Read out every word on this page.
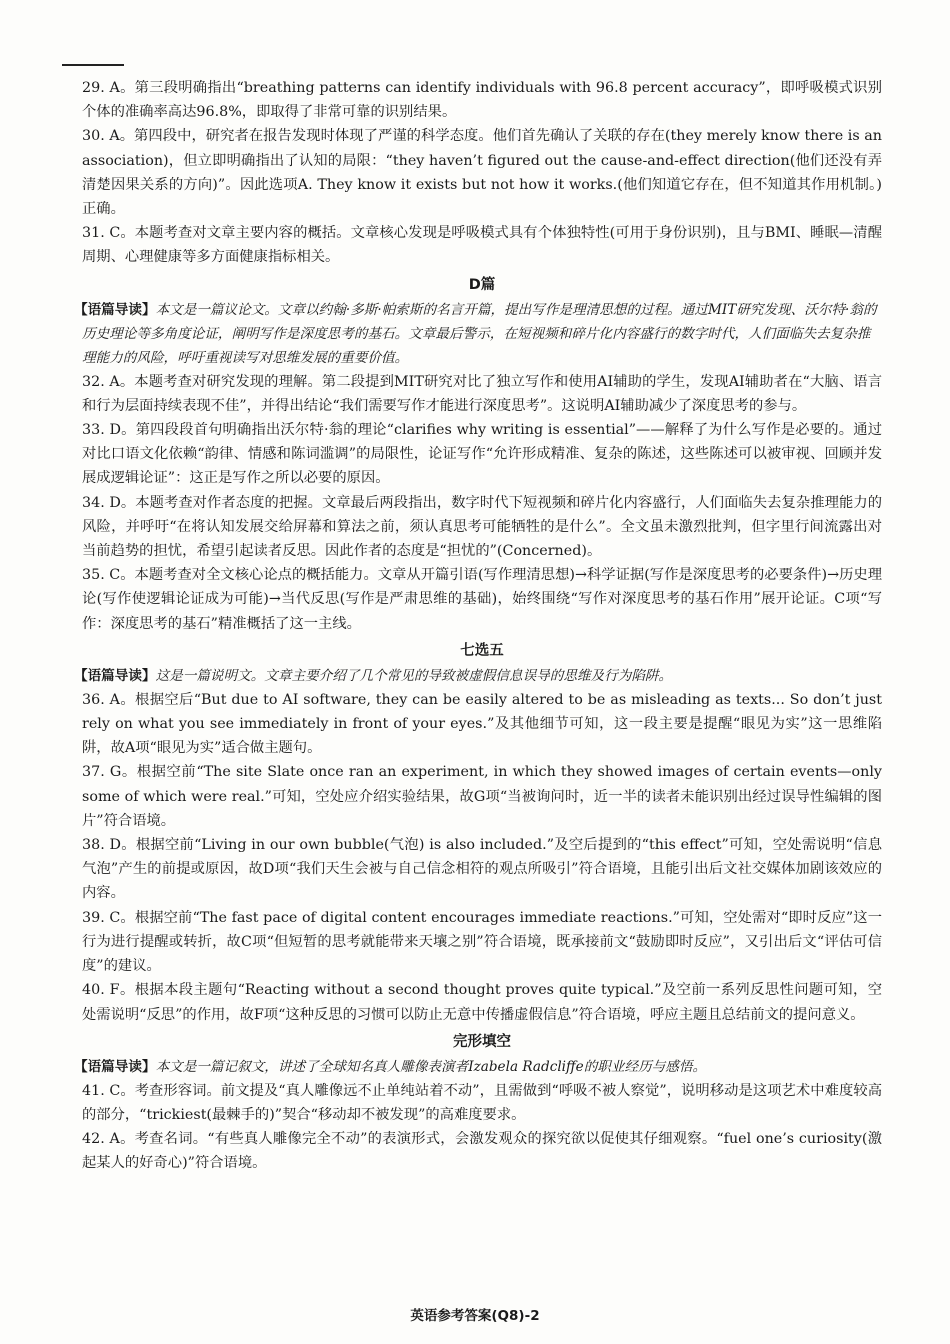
29. A。第三段明确指出“breathing patterns can identify individuals with 96.8 percent accuracy”，即呼吸模式识别个体的准确率高达96.8%，即取得了非常可靠的识别结果。

30. A。第四段中，研究者在报告发现时体现了严谨的科学态度。他们首先确认了关联的存在(they merely know there is an association)，但立即明确指出了认知的局限：“they haven’t figured out the cause-and-effect direction(他们还没有弄清楚因果关系的方向)”。因此选项A. They know it exists but not how it works.(他们知道它存在，但不知道其作用机制。)正确。

31. C。本题考查对文章主要内容的概括。文章核心发现是呼吸模式具有个体独特性(可用于身份识别)，且与BMI、睡眠—清醒周期、心理健康等多方面健康指标相关。

D篇

【语篇导读】本文是一篇议论文。文章以约翰·多斯·帕索斯的名言开篇，提出写作是理清思想的过程。通过MIT研究发现、沃尔特·翁的历史理论等多角度论证，阐明写作是深度思考的基石。文章最后警示，在短视频和碎片化内容盛行的数字时代，人们面临失去复杂推理能力的风险，呼吁重视读写对思维发展的重要价值。

32. A。本题考查对研究发现的理解。第二段提到MIT研究对比了独立写作和使用AI辅助的学生，发现AI辅助者在“大脑、语言和行为层面持续表现不佳”，并得出结论“我们需要写作才能进行深度思考”。这说明AI辅助减少了深度思考的参与。

33. D。第四段段首句明确指出沃尔特·翁的理论“clarifies why writing is essential”——解释了为什么写作是必要的。通过对比口语文化依赖“韵律、情感和陈词滥调”的局限性，论证写作“允许形成精准、复杂的陈述，这些陈述可以被审视、回顾并发展成逻辑论证”：这正是写作之所以必要的原因。

34. D。本题考查对作者态度的把握。文章最后两段指出，数字时代下短视频和碎片化内容盛行，人们面临失去复杂推理能力的风险，并呼吁“在将认知发展交给屏幕和算法之前，须认真思考可能牺牲的是什么”。全文虽未激烈批判，但字里行间流露出对当前趋势的担忧，希望引起读者反思。因此作者的态度是“担忧的”(Concerned)。

35. C。本题考查对全文核心论点的概括能力。文章从开篇引语(写作理清思想)→科学证据(写作是深度思考的必要条件)→历史理论(写作使逻辑论证成为可能)→当代反思(写作是严肃思维的基础)，始终围绕“写作对深度思考的基石作用”展开论证。C项“写作：深度思考的基石”精准概括了这一主线。

七选五

【语篇导读】这是一篇说明文。文章主要介绍了几个常见的导致被虚假信息误导的思维及行为陷阱。

36. A。根据空后“But due to AI software, they can be easily altered to be as misleading as texts... So don’t just rely on what you see immediately in front of your eyes.”及其他细节可知，这一段主要是提醒“眼见为实”这一思维陷阱，故A项“眼见为实”适合做主题句。

37. G。根据空前“The site Slate once ran an experiment, in which they showed images of certain events—only some of which were real.”可知，空处应介绍实验结果，故G项“当被询问时，近一半的读者未能识别出经过误导性编辑的图片”符合语境。

38. D。根据空前“Living in our own bubble(气泡) is also included.”及空后提到的“this effect”可知，空处需说明“信息气泡”产生的前提或原因，故D项“我们天生会被与自己信念相符的观点所吸引”符合语境，且能引出后文社交媒体加剧该效应的内容。

39. C。根据空前“The fast pace of digital content encourages immediate reactions.”可知，空处需对“即时反应”这一行为进行提醒或转折，故C项“但短暂的思考就能带来天壤之别”符合语境，既承接前文“鼓励即时反应”，又引出后文“评估可信度”的建议。

40. F。根据本段主题句“Reacting without a second thought proves quite typical.”及空前一系列反思性问题可知，空处需说明“反思”的作用，故F项“这种反思的习惯可以防止无意中传播虚假信息”符合语境，呼应主题且总结前文的提问意义。

完形填空

【语篇导读】本文是一篇记叙文，讲述了全球知名真人雕像表演者Izabela Radcliffe的职业经历与感悟。

41. C。考查形容词。前文提及“真人雕像远不止单纯站着不动”，且需做到“呼吸不被人察觉”，说明移动是这项艺术中难度较高的部分，“trickiest(最棘手的)”契合“移动却不被发现”的高难度要求。

42. A。考查名词。“有些真人雕像完全不动”的表演形式，会激发观众的探究欲以促使其仔细观察。“fuel one’s curiosity(激起某人的好奇心)”符合语境。

英语参考答案(Q8)-2
